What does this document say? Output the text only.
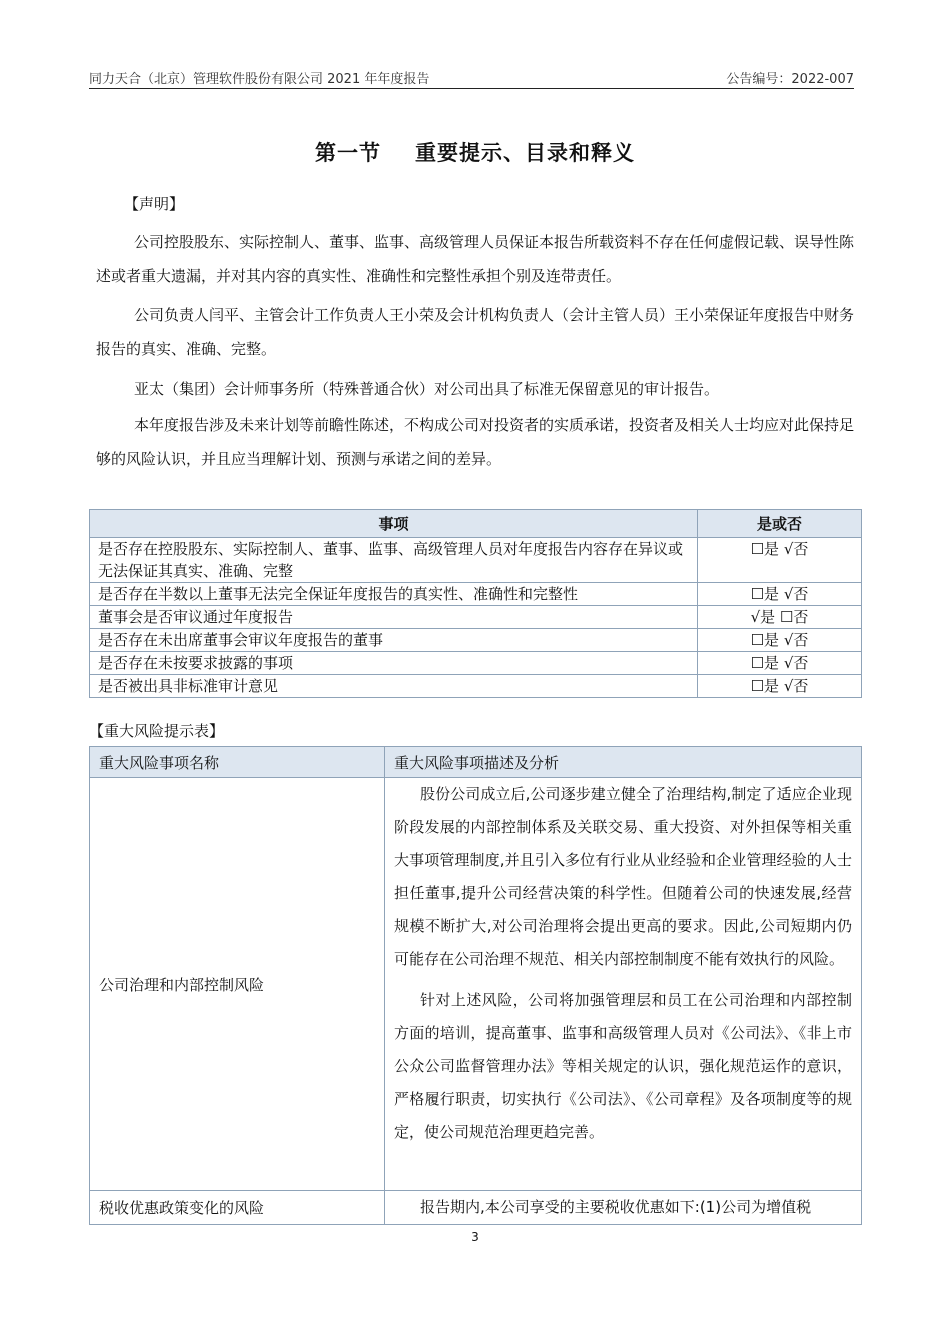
同力天合（北京）管理软件股份有限公司 2021 年年度报告	公告编号：2022-007
第一节 重要提示、目录和释义
【声明】
公司控股股东、实际控制人、董事、监事、高级管理人员保证本报告所载资料不存在任何虚假记载、误导性陈述或者重大遗漏，并对其内容的真实性、准确性和完整性承担个别及连带责任。
公司负责人闫平、主管会计工作负责人王小荣及会计机构负责人（会计主管人员）王小荣保证年度报告中财务报告的真实、准确、完整。
亚太（集团）会计师事务所（特殊普通合伙）对公司出具了标准无保留意见的审计报告。
本年度报告涉及未来计划等前瞻性陈述，不构成公司对投资者的实质承诺，投资者及相关人士均应对此保持足够的风险认识，并且应当理解计划、预测与承诺之间的差异。
事项	是或否
是否存在控股股东、实际控制人、董事、监事、高级管理人员对年度报告内容存在异议或无法保证其真实、准确、完整	☐是 √否
是否存在半数以上董事无法完全保证年度报告的真实性、准确性和完整性	☐是 √否
董事会是否审议通过年度报告	√是 ☐否
是否存在未出席董事会审议年度报告的董事	☐是 √否
是否存在未按要求披露的事项	☐是 √否
是否被出具非标准审计意见	☐是 √否
【重大风险提示表】
重大风险事项名称	重大风险事项描述及分析
公司治理和内部控制风险	股份公司成立后,公司逐步建立健全了治理结构,制定了适应企业现阶段发展的内部控制体系及关联交易、重大投资、对外担保等相关重大事项管理制度,并且引入多位有行业从业经验和企业管理经验的人士担任董事,提升公司经营决策的科学性。但随着公司的快速发展,经营规模不断扩大,对公司治理将会提出更高的要求。因此,公司短期内仍可能存在公司治理不规范、相关内部控制制度不能有效执行的风险。

针对上述风险，公司将加强管理层和员工在公司治理和内部控制方面的培训，提高董事、监事和高级管理人员对《公司法》、《非上市公众公司监督管理办法》等相关规定的认识，强化规范运作的意识，严格履行职责，切实执行《公司法》、《公司章程》及各项制度等的规定，使公司规范治理更趋完善。

税收优惠政策变化的风险	报告期内,本公司享受的主要税收优惠如下:(1)公司为增值税

3
